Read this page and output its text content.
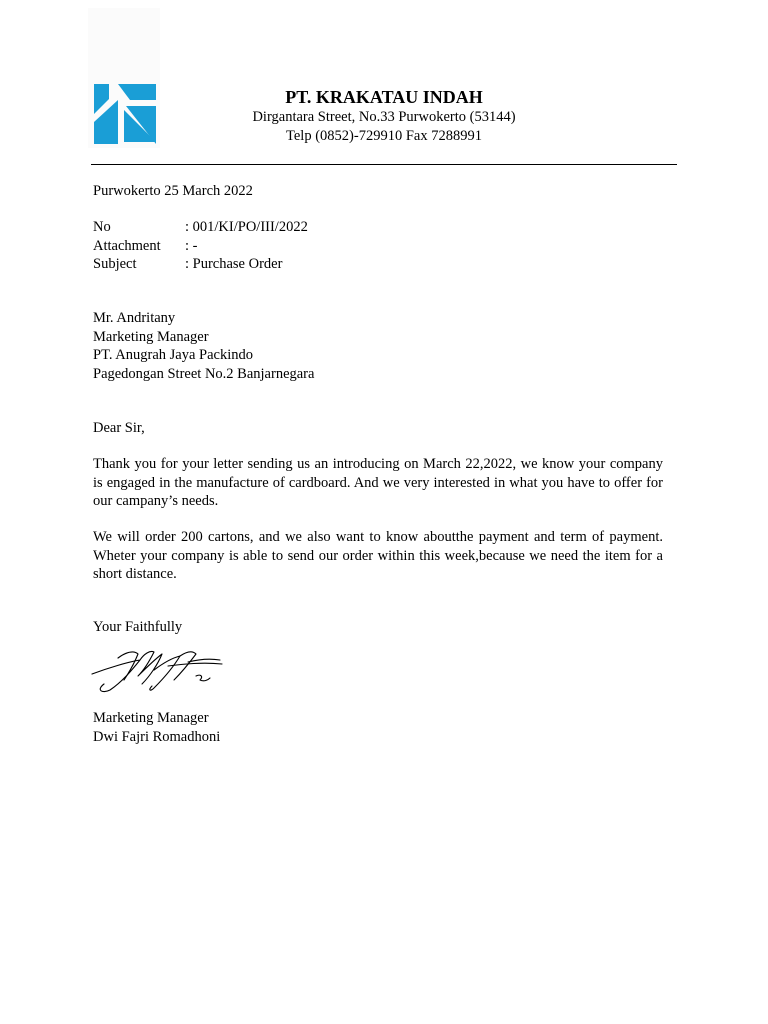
PT. KRAKATAU INDAH
Dirgantara Street, No.33 Purwokerto (53144)
Telp (0852)-729910 Fax 7288991
Purwokerto 25 March 2022
No	: 001/KI/PO/III/2022
Attachment	: -
Subject	: Purchase Order
Mr. Andritany
Marketing Manager
PT. Anugrah Jaya Packindo
Pagedongan Street No.2 Banjarnegara
Dear Sir,
Thank you for your letter sending us an introducing on March 22,2022, we know your company is engaged in the manufacture of cardboard. And we very interested in what you have to offer for our campany’s needs.
We will order 200 cartons, and we also want to know aboutthe payment and term of payment. Wheter your company is able to send our order within this week,because we need the item for a short distance.
Your Faithfully
Marketing Manager
Dwi Fajri Romadhoni
